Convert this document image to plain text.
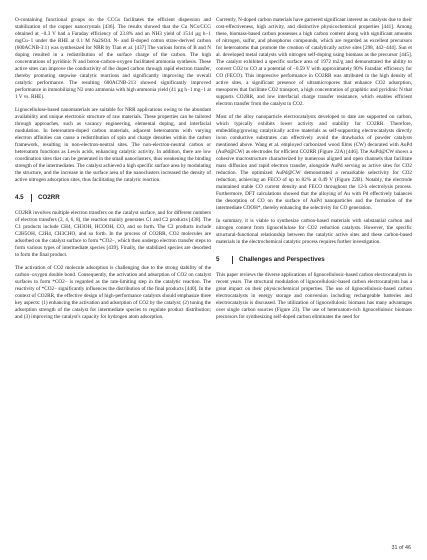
O-containing functional groups on the CCGs facilitates the efficient dispersion and stabilization of the copper nanocrystals [436]. The results showed that the Cu NCs/CCG obtained at −0.3 V had a Faraday efficiency of 23.8% and an NH3 yield of 1514 µg h−1 mgCu−1 under the RHE at 0.1 M Na2SO4. N- and B-doped cotton straw-derived carbon (600ACNB-3:1) was synthesized for NRR by Tian et al. [437] The various forms of B and N doping resulted in a redistribution of the surface charge of the carbon. The high concentrations of pyridinic N and boron-carbon-oxygen facilitated ammonia synthesis. These active sites can improve the conductivity of the doped carbon through rapid electron transfer, thereby promoting stepwise catalytic reactions and significantly improving the overall catalytic performance. The resulting 600ACNB-213 showed significantly improved performance in immobilizing N2 onto ammonia with high ammonia yield (41 µg h−1 mg−1 at 1 V vs. RHE).

Lignocellulose-based nanomaterials are suitable for NRR applications owing to the abundant availability and unique electronic structure of raw materials. These properties can be tailored through approaches, such as vacancy engineering, elemental doping, and interfacial modulation. In heteroatom-doped carbon materials, adjacent heteroatoms with varying electron affinities can cause a redistribution of spin and charge densities within the carbon framework, resulting in non-electron-neutral sites. The non-electron-neutral carbon or heteroatom functions as Lewis acids, enhancing catalytic activity. In addition, there are low coordination sites that can be generated in the small nanoclusters, thus weakening the binding strength of the intermediates. The catalyst achieved a high specific surface area by modulating the structure, and the increase in the surface area of the nanoclusters increased the density of active nitrogen adsorption sites, thus facilitating the catalytic reaction.

4.5 CO2RR

CO2RR involves multiple electron transfers on the catalyst surface, and for different numbers of electron transfers (2, 4, 6, 8), the reaction mainly generates C1 and C2 products [438]. The C1 products include CH4, CH3OH, HCOOH, CO, and so forth. The C2 products include C2H5OH, C2H4, CH3CHO, and so forth. In the process of CO2RR, CO2 molecules are adsorbed on the catalyst surface to form *CO2−, which then undergo electron transfer steps to form various types of intermediate species [439]. Finally, the stabilized species are desorbed to form the final product.

The activation of CO2 molecule adsorption is challenging due to the strong stability of the carbon−oxygen double bond. Consequently, the activation and adsorption of CO2 on catalyst surfaces to form *CO2− is regarded as the rate-limiting step in the catalytic reaction. The reactivity of *CO2− significantly influences the distribution of the final products [440]. In the context of CO2RR, the effective design of high-performance catalysts should emphasize three key aspects: (1) enhancing the activation and adsorption of CO2 by the catalyst; (2) tuning the adsorption strength of the catalyst for intermediate species to regulate product distribution; and (3) improving the catalyst's capacity for hydrogen atom adsorption.

Currently, N-doped carbon materials have garnered significant interest as catalysts due to their cost-effectiveness, high activity, and distinctive physicochemical properties [441]. Among these, biomass-based carbon possesses a high carbon content along with significant amounts of nitrogen, sulfur, and phosphorus compounds, which are regarded as excellent precursors for heteroatoms that promote the creation of catalytically active sites [298, 442–444]. Sun et al. developed metal catalysts with nitrogen self-doping using biomass as the precursor [445]. The catalyst exhibited a specific surface area of 1972 m2/g and demonstrated the ability to convert CO2 to CO at a potential of −0.59 V with approximately 90% Faradaic efficiency for CO (FECO). This impressive performance in CO2RR was attributed to the high density of active sites, a significant presence of ultramicropores that enhance CO2 adsorption, mesopores that facilitate CO2 transport, a high concentration of graphitic and pyridinic N that supports CO2RR, and low interfacial charge transfer resistance, which enables efficient electron transfer from the catalyst to CO2.

Most of the alloy nanoparticle electrocatalysts developed to date are supported on carbon, which typically exhibits lower activity and stability for CO2RR. Therefore, embedding/growing catalytically active materials as self-supporting electrocatalysts directly in/on conductive substrates can effectively avoid the drawbacks of powder catalysts mentioned above. Wang et al. employed carbonized wood films (CW) decorated with AuPd (AuPd@CW) as electrodes for efficient CO2RR (Figure 22A) [446]. The AuPd@CW shows a cohesive macrostructure characterized by numerous aligned and open channels that facilitate mass diffusion and rapid electron transfer, alongside AuPd serving as active sites for CO2 reduction. The optimized AuPd@CW demonstrated a remarkable selectivity for CO2 reduction, achieving an FECO of up to 82% at 0.49 V (Figure 22B). Notably, the electrode maintained stable CO current density and FECO throughout the 12-h electrolysis process. Furthermore, DFT calculations showed that the alloying of Au with Pd effectively balances the desorption of CO on the surface of AuPd nanoparticles and the formation of the intermediate COOH*, thereby enhancing the selectivity for CO generation.

In summary, it is viable to synthesize carbon-based materials with substantial carbon and nitrogen content from lignocellulose for CO2 reduction catalysts. However, the specific structural-functional relationship between the catalytic active sites and these carbon-based materials in the electrochemical catalytic process requires further investigation.

5	Challenges and Perspectives

This paper reviews the diverse applications of lignocellulosic-based carbon electrocatalysts in recent years. The structural modulation of lignocellulosic-based carbon electrocatalysts has a great impact on their physicochemical properties. The use of lignocellulosic-based carbon electrocatalysts in energy storage and conversion including rechargeable batteries and electrocatalysis is discussed. The utilization of lignocellulosic biomass has many advantages over single carbon sources (Figure 23). The use of heteroatom-rich lignocellulosic biomass precursors for synthesizing self-doped carbon eliminates the need for

31 of 46
